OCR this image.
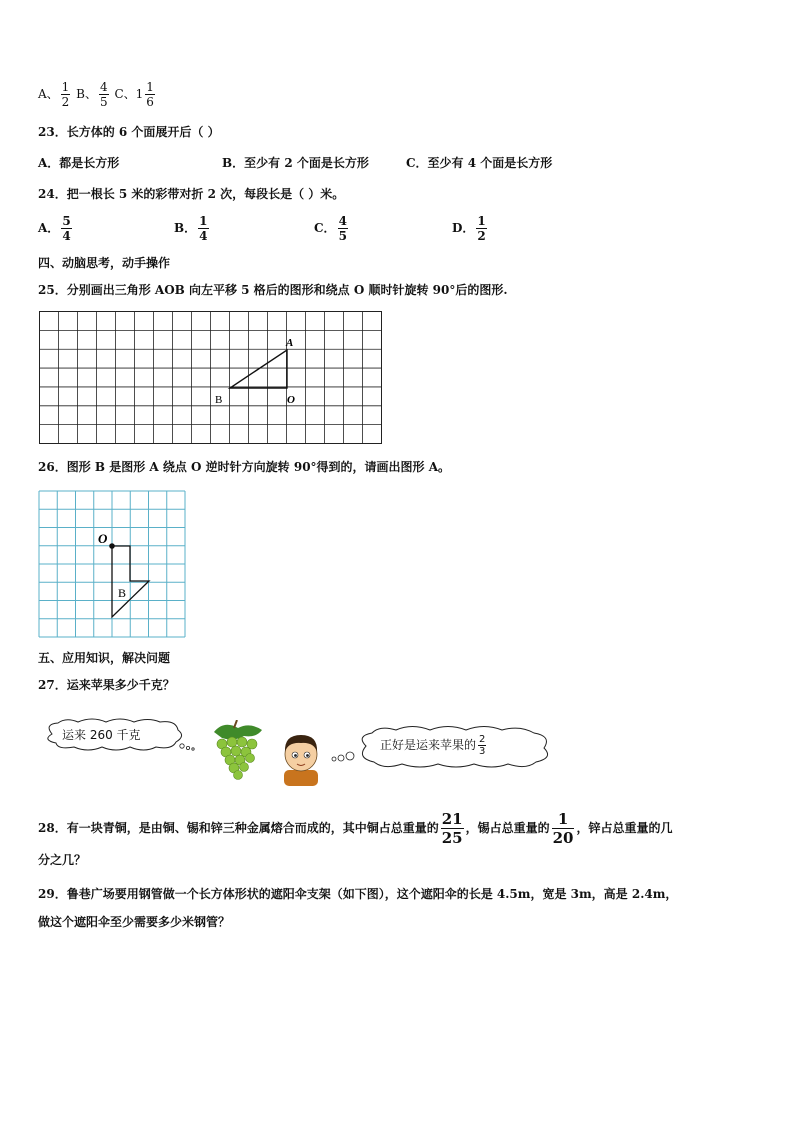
A、 $\frac{1}{2}$ B、 $\frac{4}{5}$ C、$1 \frac{1}{6}$
23．长方体的 6 个面展开后（ ）
A．都是长方形	B．至少有 2 个面是长方形	C．至少有 4 个面是长方形
24．把一根长 5 米的彩带对折 2 次，每段长是（ ）米。
A． $\frac{5}{4}$	B． $\frac{1}{4}$	C． $\frac{4}{5}$	D． $\frac{1}{2}$
四、动脑思考，动手操作
25．分别画出三角形 AOB 向左平移 5 格后的图形和绕点 O 顺时针旋转 90°后的图形.
A
B	O
26．图形 B 是图形 A 绕点 O 逆时针方向旋转 90°得到的，请画出图形 A。
O
B
五、应用知识，解决问题
27．运来苹果多少千克？
运来 260 千克
正好是运来苹果的 $\frac{2}{3}$
28．有一块青铜，是由铜、锡和锌三种金属熔合而成的，其中铜占总重量的 $\frac{21}{25}$ ，锡占总重量的 $\frac{1}{20}$ ，锌占总重量的几
分之几？
29．鲁巷广场要用钢管做一个长方体形状的遮阳伞支架（如下图），这个遮阳伞的长是 4.5m，宽是 3m，高是 2.4m，
做这个遮阳伞至少需要多少米钢管？
